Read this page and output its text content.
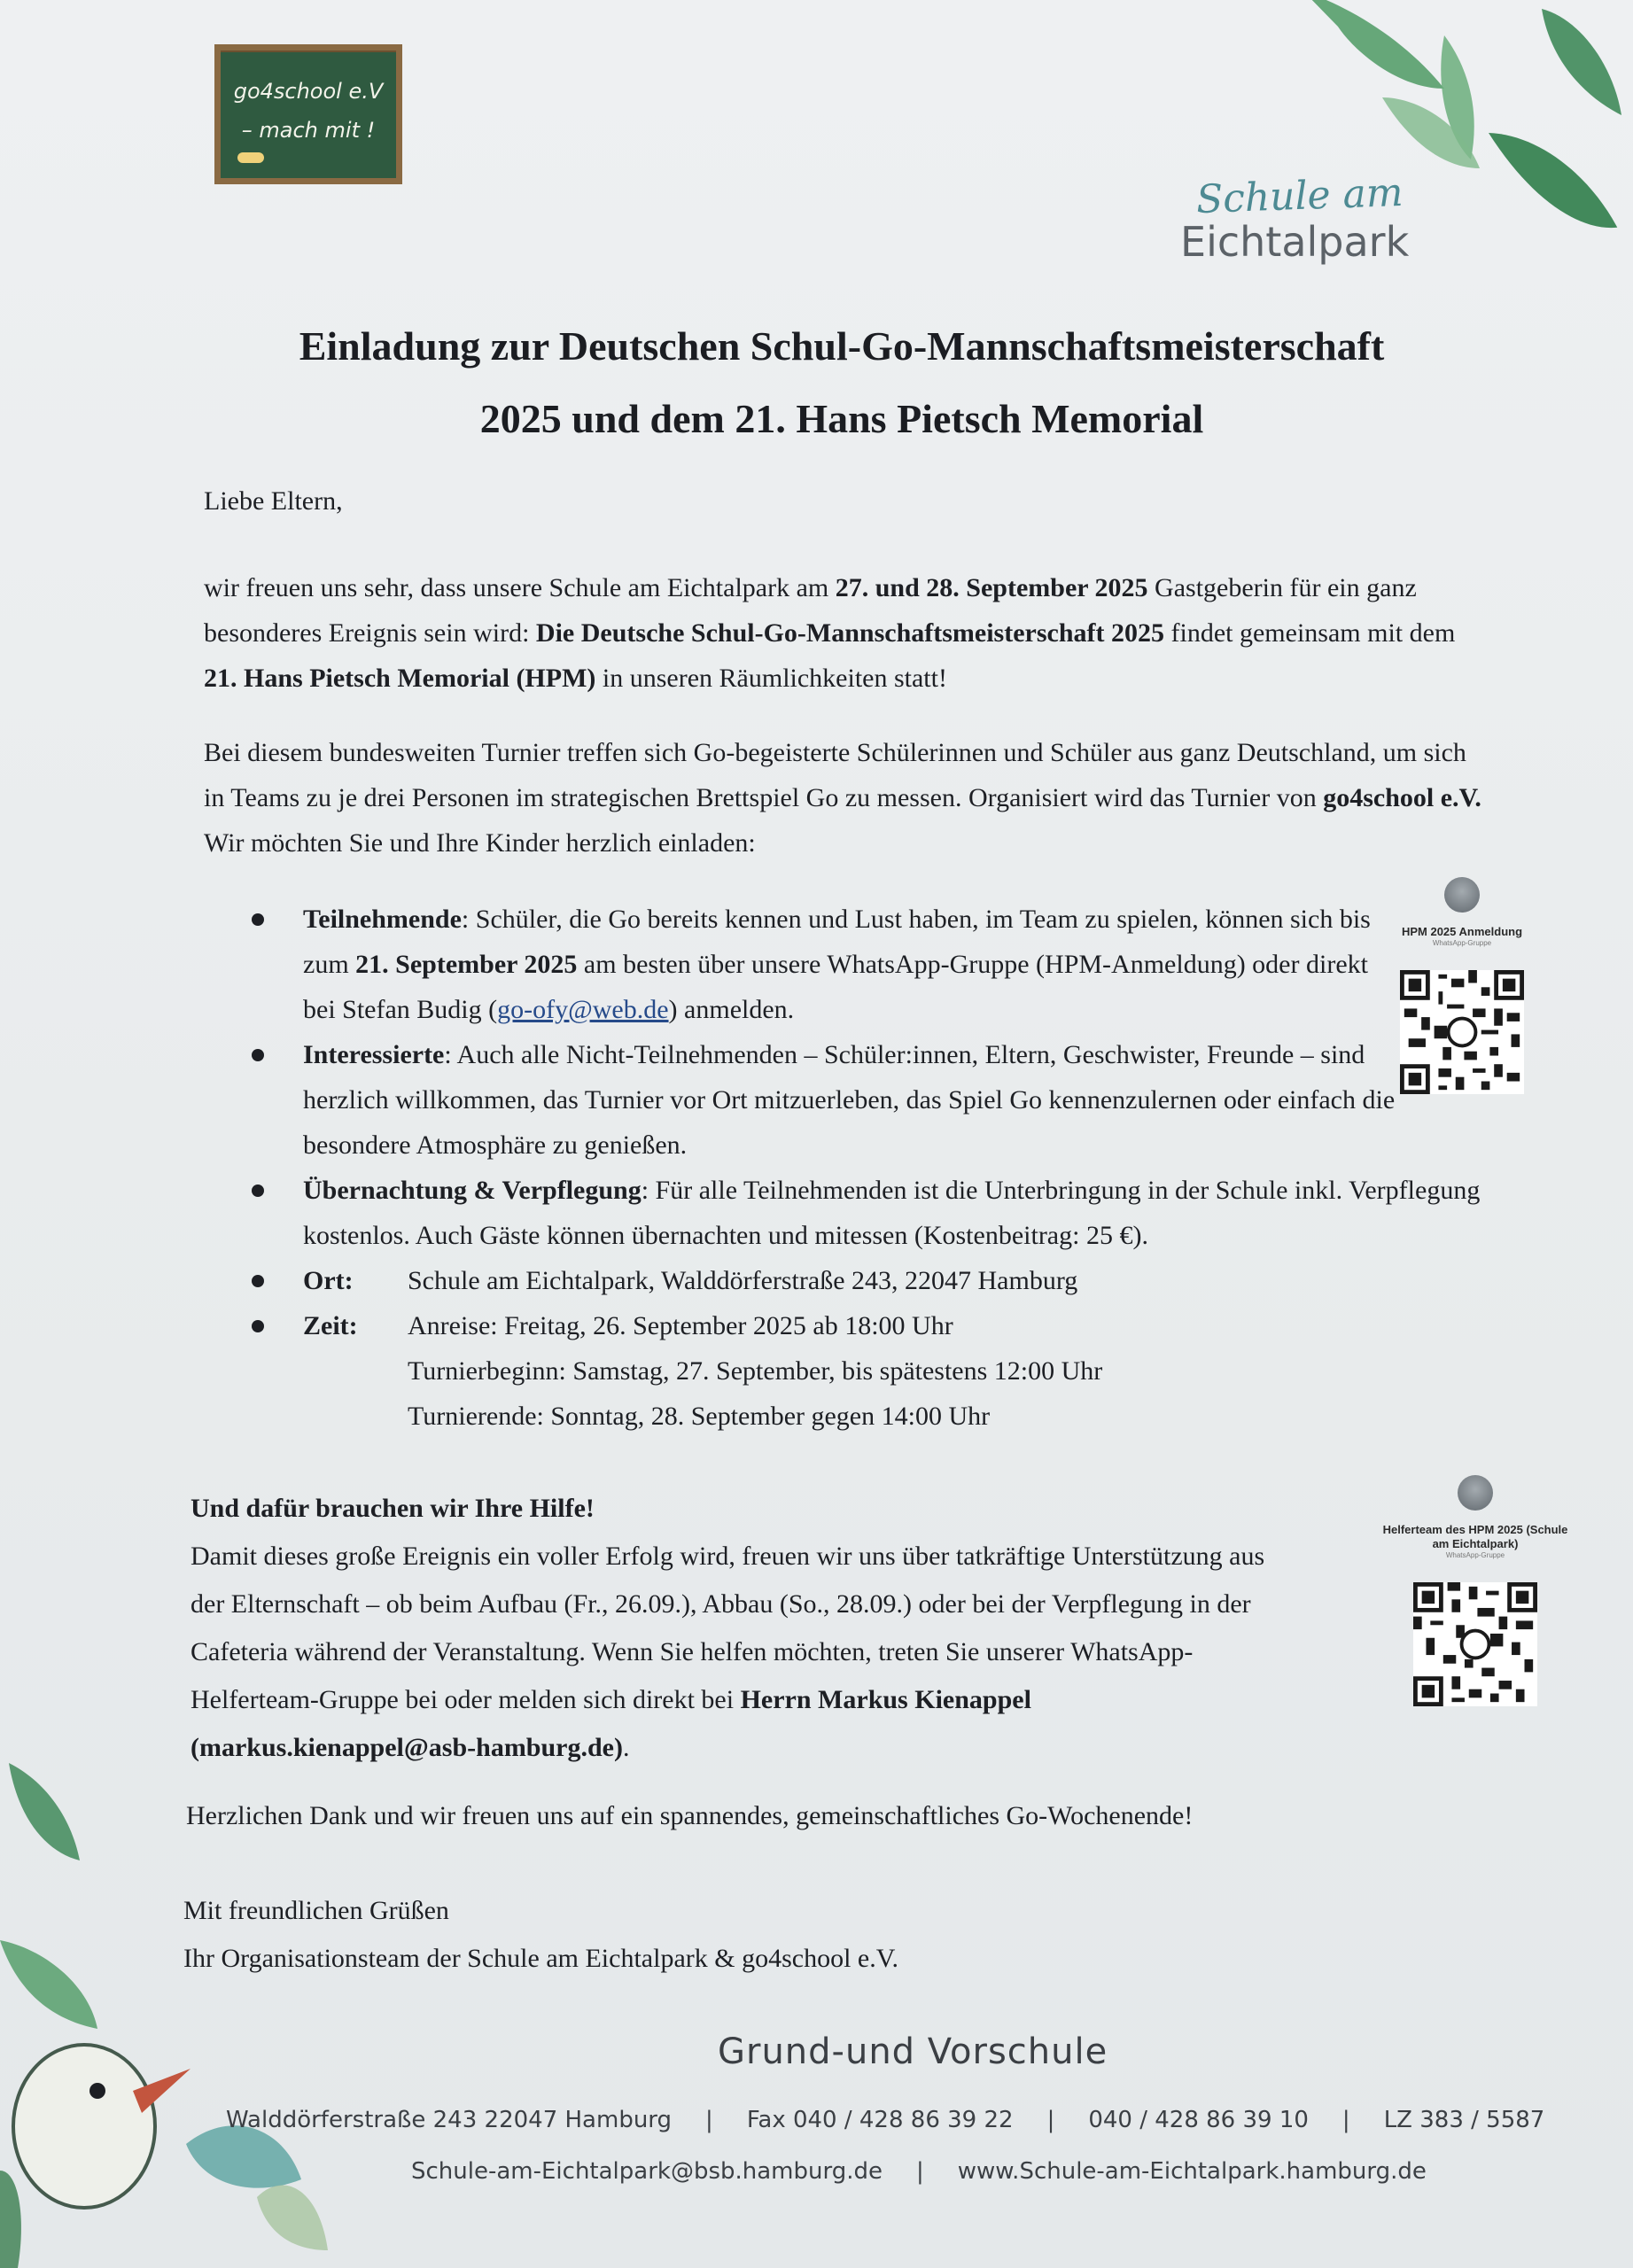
go4school e.V
– mach mit !
Schule am
Eichtalpark
Einladung zur Deutschen Schul-Go-Mannschaftsmeisterschaft
2025 und dem 21. Hans Pietsch Memorial
Liebe Eltern,
wir freuen uns sehr, dass unsere Schule am Eichtalpark am 27. und 28. September 2025 Gastgeberin für ein ganz besonderes Ereignis sein wird: Die Deutsche Schul-Go-Mannschaftsmeisterschaft 2025 findet gemeinsam mit dem 21. Hans Pietsch Memorial (HPM) in unseren Räumlichkeiten statt!
Bei diesem bundesweiten Turnier treffen sich Go-begeisterte Schülerinnen und Schüler aus ganz Deutschland, um sich in Teams zu je drei Personen im strategischen Brettspiel Go zu messen. Organisiert wird das Turnier von go4school e.V. Wir möchten Sie und Ihre Kinder herzlich einladen:
Teilnehmende: Schüler, die Go bereits kennen und Lust haben, im Team zu spielen, können sich bis zum 21. September 2025 am besten über unsere WhatsApp-Gruppe (HPM-Anmeldung) oder direkt bei Stefan Budig (go-ofy@web.de) anmelden.
Interessierte: Auch alle Nicht-Teilnehmenden – Schüler:innen, Eltern, Geschwister, Freunde – sind herzlich willkommen, das Turnier vor Ort mitzuerleben, das Spiel Go kennenzulernen oder einfach die besondere Atmosphäre zu genießen.
Übernachtung & Verpflegung: Für alle Teilnehmenden ist die Unterbringung in der Schule inkl. Verpflegung kostenlos. Auch Gäste können übernachten und mitessen (Kostenbeitrag: 25 €).
Ort:	Schule am Eichtalpark, Walddörferstraße 243, 22047 Hamburg
Zeit:	Anreise: Freitag, 26. September 2025 ab 18:00 Uhr
Turnierbeginn: Samstag, 27. September, bis spätestens 12:00 Uhr
Turnierende: Sonntag, 28. September gegen 14:00 Uhr
HPM 2025 Anmeldung
WhatsApp-Gruppe
Helferteam des HPM 2025 (Schule am Eichtalpark)
WhatsApp-Gruppe
Und dafür brauchen wir Ihre Hilfe!
Damit dieses große Ereignis ein voller Erfolg wird, freuen wir uns über tatkräftige Unterstützung aus der Elternschaft – ob beim Aufbau (Fr., 26.09.), Abbau (So., 28.09.) oder bei der Verpflegung in der Cafeteria während der Veranstaltung. Wenn Sie helfen möchten, treten Sie unserer WhatsApp-Helferteam-Gruppe bei oder melden sich direkt bei Herrn Markus Kienappel (markus.kienappel@asb-hamburg.de).
Herzlichen Dank und wir freuen uns auf ein spannendes, gemeinschaftliches Go-Wochenende!
Mit freundlichen Grüßen
Ihr Organisationsteam der Schule am Eichtalpark & go4school e.V.
Grund-und Vorschule
Walddörferstraße 243 22047 Hamburg | Fax 040 / 428 86 39 22 | 040 / 428 86 39 10 | LZ 383 / 5587
Schule-am-Eichtalpark@bsb.hamburg.de | www.Schule-am-Eichtalpark.hamburg.de
